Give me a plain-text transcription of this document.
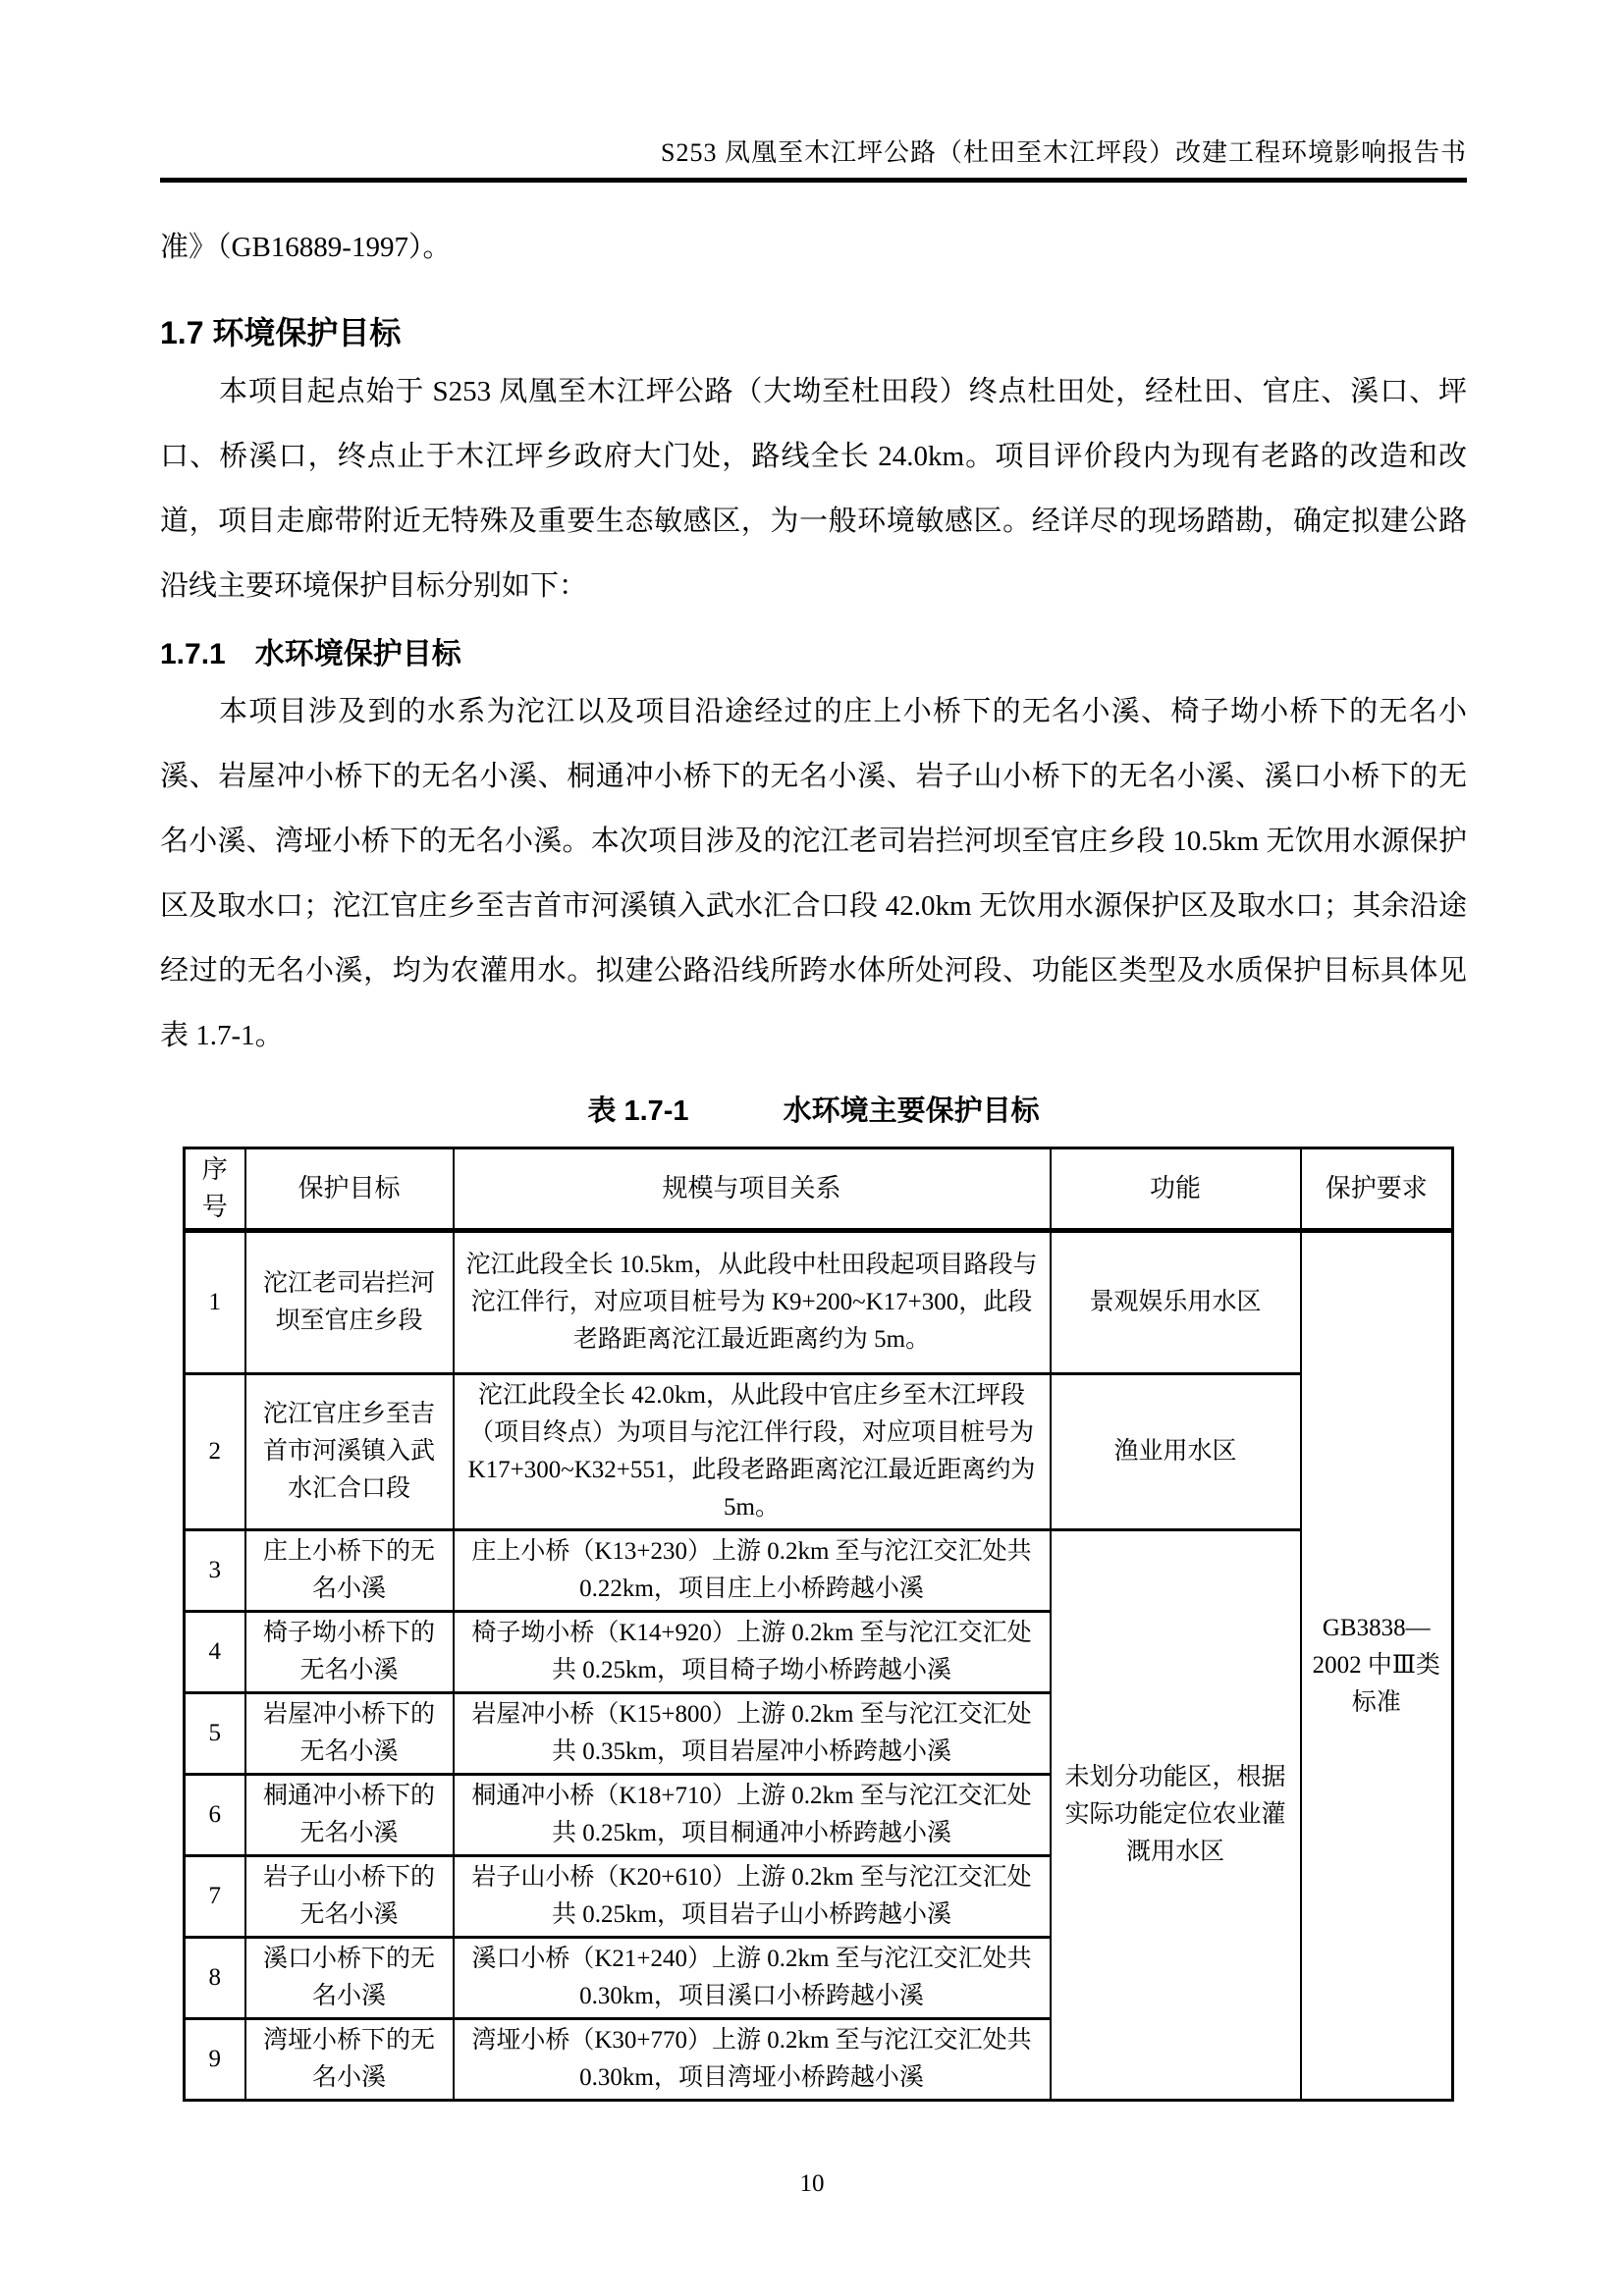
S253 凤凰至木江坪公路（杜田至木江坪段）改建工程环境影响报告书

准》（GB16889-1997）。

1.7 环境保护目标

本项目起点始于 S253 凤凰至木江坪公路（大坳至杜田段）终点杜田处，经杜田、官庄、溪口、坪口、桥溪口，终点止于木江坪乡政府大门处，路线全长 24.0km。项目评价段内为现有老路的改造和改道，项目走廊带附近无特殊及重要生态敏感区，为一般环境敏感区。经详尽的现场踏勘，确定拟建公路沿线主要环境保护目标分别如下：

1.7.1　水环境保护目标

本项目涉及到的水系为沱江以及项目沿途经过的庄上小桥下的无名小溪、椅子坳小桥下的无名小溪、岩屋冲小桥下的无名小溪、桐通冲小桥下的无名小溪、岩子山小桥下的无名小溪、溪口小桥下的无名小溪、湾垭小桥下的无名小溪。本次项目涉及的沱江老司岩拦河坝至官庄乡段 10.5km 无饮用水源保护区及取水口；沱江官庄乡至吉首市河溪镇入武水汇合口段 42.0km 无饮用水源保护区及取水口；其余沿途经过的无名小溪，均为农灌用水。拟建公路沿线所跨水体所处河段、功能区类型及水质保护目标具体见表 1.7-1。

表 1.7-1	水环境主要保护目标
序号	保护目标	规模与项目关系	功能	保护要求
1	沱江老司岩拦河坝至官庄乡段	沱江此段全长 10.5km，从此段中杜田段起项目路段与沱江伴行，对应项目桩号为 K9+200~K17+300，此段老路距离沱江最近距离约为 5m。	景观娱乐用水区	GB3838—2002 中Ⅲ类标准
2	沱江官庄乡至吉首市河溪镇入武水汇合口段	沱江此段全长 42.0km，从此段中官庄乡至木江坪段（项目终点）为项目与沱江伴行段，对应项目桩号为 K17+300~K32+551，此段老路距离沱江最近距离约为 5m。	渔业用水区	
3	庄上小桥下的无名小溪	庄上小桥（K13+230）上游 0.2km 至与沱江交汇处共 0.22km，项目庄上小桥跨越小溪	未划分功能区，根据实际功能定位农业灌溉用水区	
4	椅子坳小桥下的无名小溪	椅子坳小桥（K14+920）上游 0.2km 至与沱江交汇处共 0.25km，项目椅子坳小桥跨越小溪		
5	岩屋冲小桥下的无名小溪	岩屋冲小桥（K15+800）上游 0.2km 至与沱江交汇处共 0.35km，项目岩屋冲小桥跨越小溪		
6	桐通冲小桥下的无名小溪	桐通冲小桥（K18+710）上游 0.2km 至与沱江交汇处共 0.25km，项目桐通冲小桥跨越小溪		
7	岩子山小桥下的无名小溪	岩子山小桥（K20+610）上游 0.2km 至与沱江交汇处共 0.25km，项目岩子山小桥跨越小溪		
8	溪口小桥下的无名小溪	溪口小桥（K21+240）上游 0.2km 至与沱江交汇处共 0.30km，项目溪口小桥跨越小溪		
9	湾垭小桥下的无名小溪	湾垭小桥（K30+770）上游 0.2km 至与沱江交汇处共 0.30km，项目湾垭小桥跨越小溪		
10
